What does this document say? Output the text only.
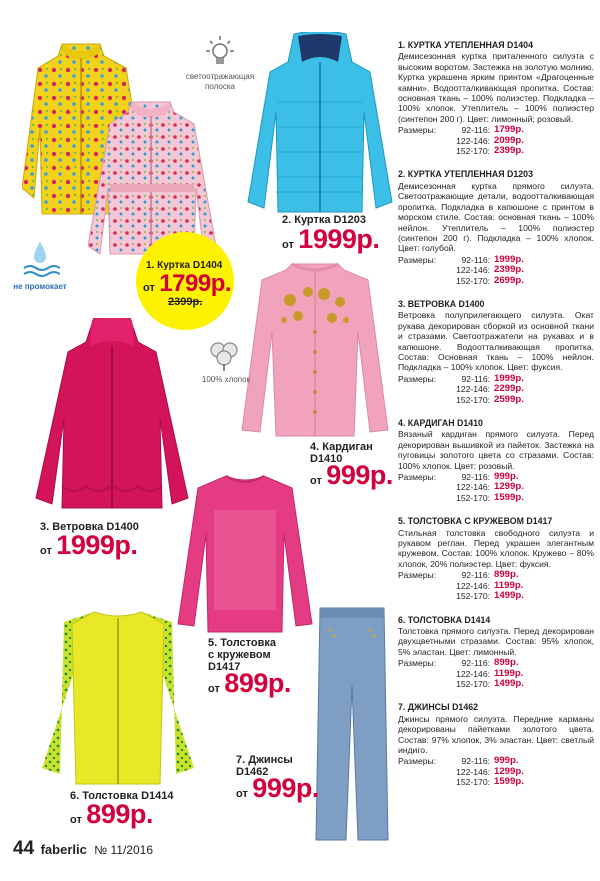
светоотражающая полоска
не промокает
100% хлопок
1. Куртка D1404
от 1799р.
2399р.
2. Куртка D1203
от 1999р.
3. Ветровка D1400
от 1999р.
4. Кардиган
D1410
от 999р.
5. Толстовка
с кружевом
D1417
от 899р.
6. Толстовка D1414
от 899р.
7. Джинсы
D1462
от 999р.
1. КУРТКА УТЕПЛЕННАЯ D1404

Демисезонная куртка приталенного силуэта с высоким воротом. Застежка на золотую молнию. Куртка украшена ярким принтом «Драгоценные камни». Водоотталкивающая пропитка. Состав: основная ткань – 100% полиэстер. Подкладка – 100% хлопок. Утеплитель – 100% полиэстер (синтепон 200 г). Цвет: лимонный; розовый.

Размеры:	92-116: 1799р.
122-146: 2099р.
152-170: 2399р.
2. КУРТКА УТЕПЛЕННАЯ D1203

Демисезонная куртка прямого силуэта. Светоотражающие детали, водоотталкивающая пропитка. Подкладка в капюшоне с принтом в морском стиле. Состав: основная ткань – 100% нейлон. Утеплитель – 100% полиэстер (синтепон 200 г). Подкладка – 100% хлопок. Цвет: голубой.

Размеры:	92-116: 1999р.
122-146: 2399р.
152-170: 2699р.
3. ВЕТРОВКА D1400

Ветровка полуприлегающего силуэта. Окат рукава декорирован сборкой из основной ткани и стразами. Светоотражатели на рукавах и в капюшоне. Водоотталкивающая пропитка. Состав: Основная ткань – 100% нейлон. Подкладка – 100% хлопок. Цвет: фуксия.

Размеры:	92-116: 1999р.
122-146: 2299р.
152-170: 2599р.
4. КАРДИГАН D1410

Вязаный кардиган прямого силуэта. Перед декорирован вышивкой из пайеток. Застежка на пуговицы золотого цвета со стразами. Состав: 100% хлопок. Цвет: розовый.

Размеры:	92-116: 999р.
122-146: 1299р.
152-170: 1599р.
5. ТОЛСТОВКА С КРУЖЕВОМ D1417

Стильная толстовка свободного силуэта и рукавом реглан. Перед украшен элегантным кружевом. Состав: 100% хлопок. Кружево – 80% хлопок, 20% полиэстер. Цвет: фуксия.

Размеры:	92-116: 899р.
122-146: 1199р.
152-170: 1499р.
6. ТОЛСТОВКА D1414

Толстовка прямого силуэта. Перед декорирован двухцветными стразами. Состав: 95% хлопок, 5% эластан. Цвет: лимонный.

Размеры:	92-116: 899р.
122-146: 1199р.
152-170: 1499р.
7. ДЖИНСЫ D1462

Джинсы прямого силуэта. Передние карманы декорированы пайетками золотого цвета. Состав: 97% хлопок, 3% эластан. Цвет: светлый индиго.

Размеры:	92-116: 999р.
122-146: 1299р.
152-170: 1599р.
44 faberlic № 11/2016
